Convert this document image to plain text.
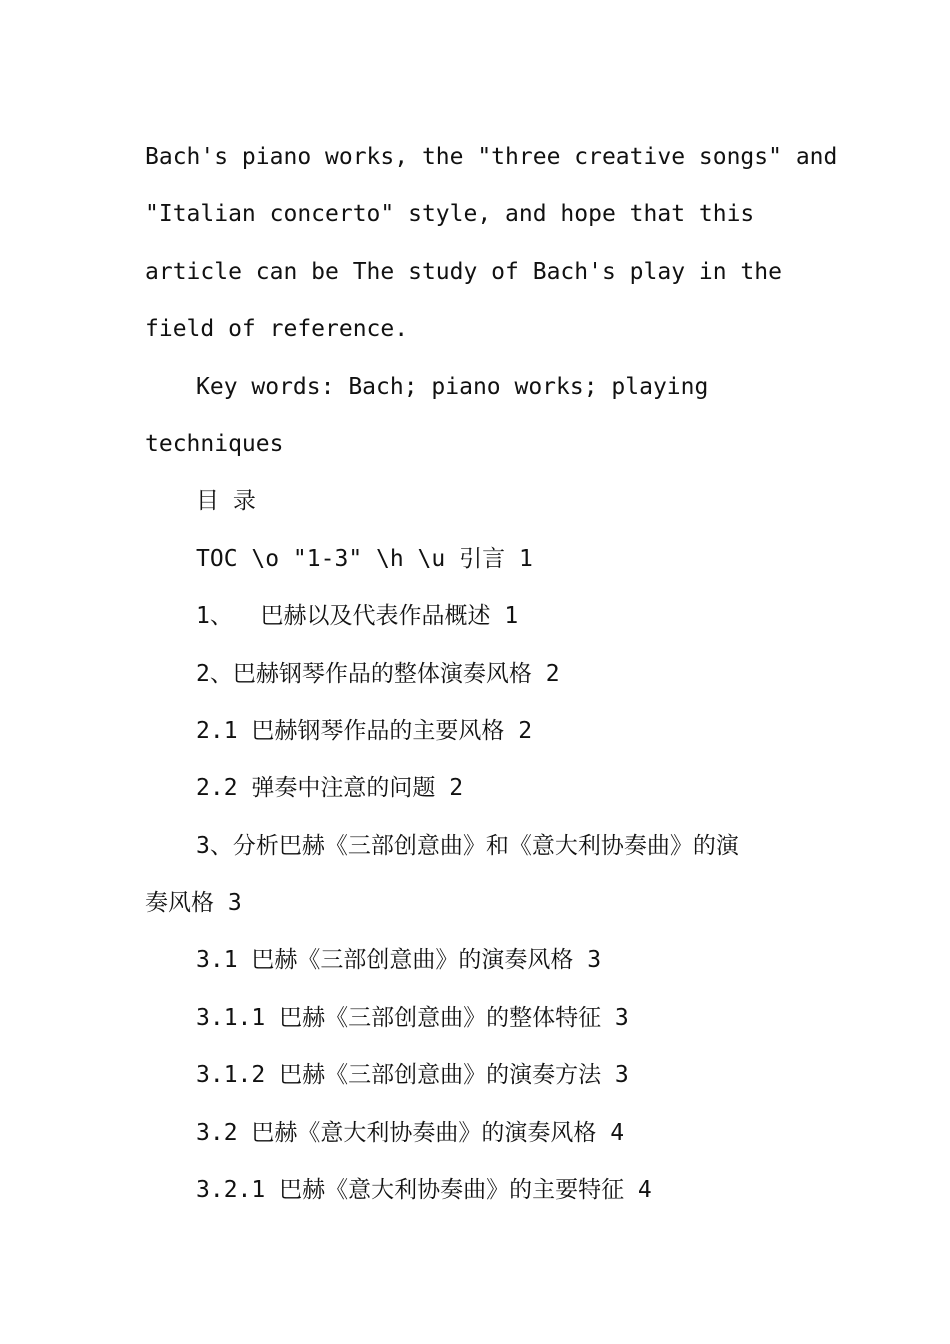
Bach's piano works, the "three creative songs" and
"Italian concerto" style, and hope that this
article can be The study of Bach's play in the
field of reference.
Key words: Bach; piano works; playing
techniques
目 录
TOC \o "1-3" \h \u 引言 1
1、  巴赫以及代表作品概述 1
2、巴赫钢琴作品的整体演奏风格 2
2.1 巴赫钢琴作品的主要风格 2
2.2 弹奏中注意的问题 2
3、分析巴赫《三部创意曲》和《意大利协奏曲》的演
奏风格 3
3.1 巴赫《三部创意曲》的演奏风格 3
3.1.1 巴赫《三部创意曲》的整体特征 3
3.1.2 巴赫《三部创意曲》的演奏方法 3
3.2 巴赫《意大利协奏曲》的演奏风格 4
3.2.1 巴赫《意大利协奏曲》的主要特征 4
